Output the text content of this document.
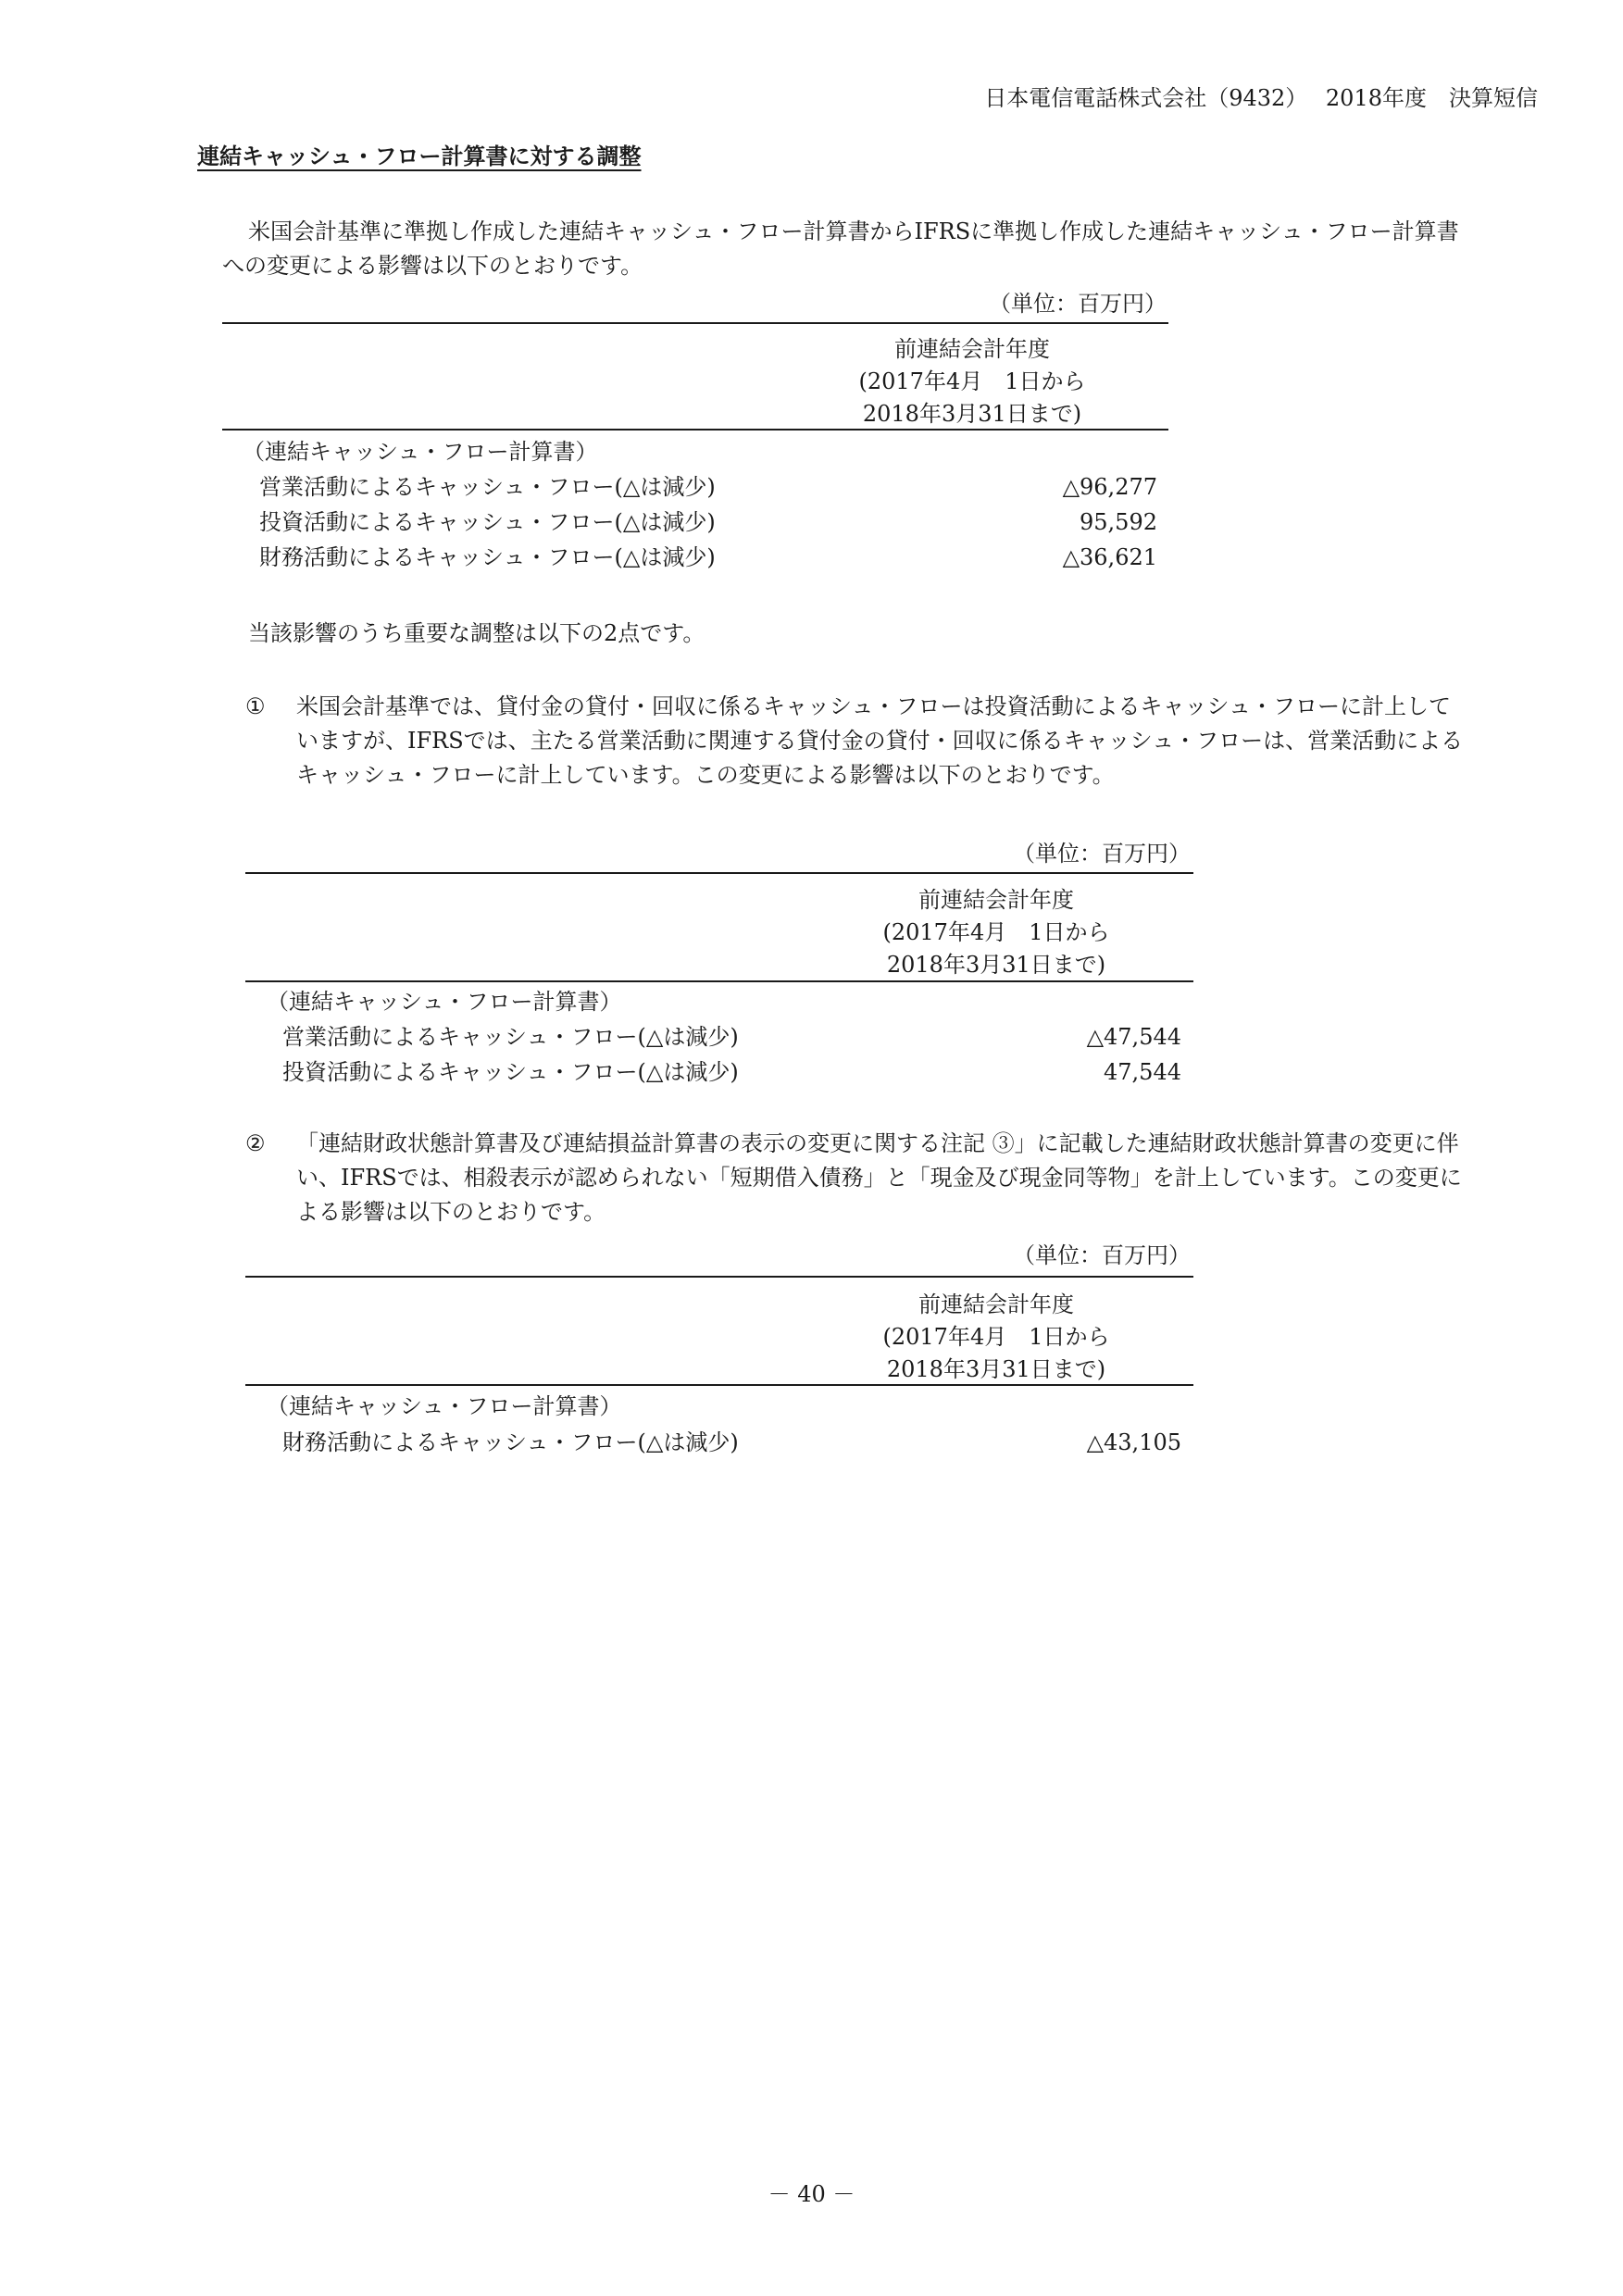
日本電信電話株式会社（9432）　 2018年度　決算短信
連結キャッシュ・フロー計算書に対する調整
米国会計基準に準拠し作成した連結キャッシュ・フロー計算書からIFRSに準拠し作成した連結キャッシュ・フロー計算書への変更による影響は以下のとおりです。
（単位：百万円）
前連結会計年度
(2017年4月　1日から
2018年3月31日まで)
（連結キャッシュ・フロー計算書）
営業活動によるキャッシュ・フロー(△は減少)	△96,277
投資活動によるキャッシュ・フロー(△は減少)	95,592
財務活動によるキャッシュ・フロー(△は減少)	△36,621
当該影響のうち重要な調整は以下の2点です。
① 米国会計基準では、貸付金の貸付・回収に係るキャッシュ・フローは投資活動によるキャッシュ・フローに計上していますが、IFRSでは、主たる営業活動に関連する貸付金の貸付・回収に係るキャッシュ・フローは、営業活動によるキャッシュ・フローに計上しています。この変更による影響は以下のとおりです。
（単位：百万円）
前連結会計年度
(2017年4月　1日から
2018年3月31日まで)
（連結キャッシュ・フロー計算書）
営業活動によるキャッシュ・フロー(△は減少)	△47,544
投資活動によるキャッシュ・フロー(△は減少)	47,544
② 「連結財政状態計算書及び連結損益計算書の表示の変更に関する注記 ③」に記載した連結財政状態計算書の変更に伴い、IFRSでは、相殺表示が認められない「短期借入債務」と「現金及び現金同等物」を計上しています。この変更による影響は以下のとおりです。
（単位：百万円）
前連結会計年度
(2017年4月　1日から
2018年3月31日まで)
（連結キャッシュ・フロー計算書）
財務活動によるキャッシュ・フロー(△は減少)	△43,105
－ 40 －
